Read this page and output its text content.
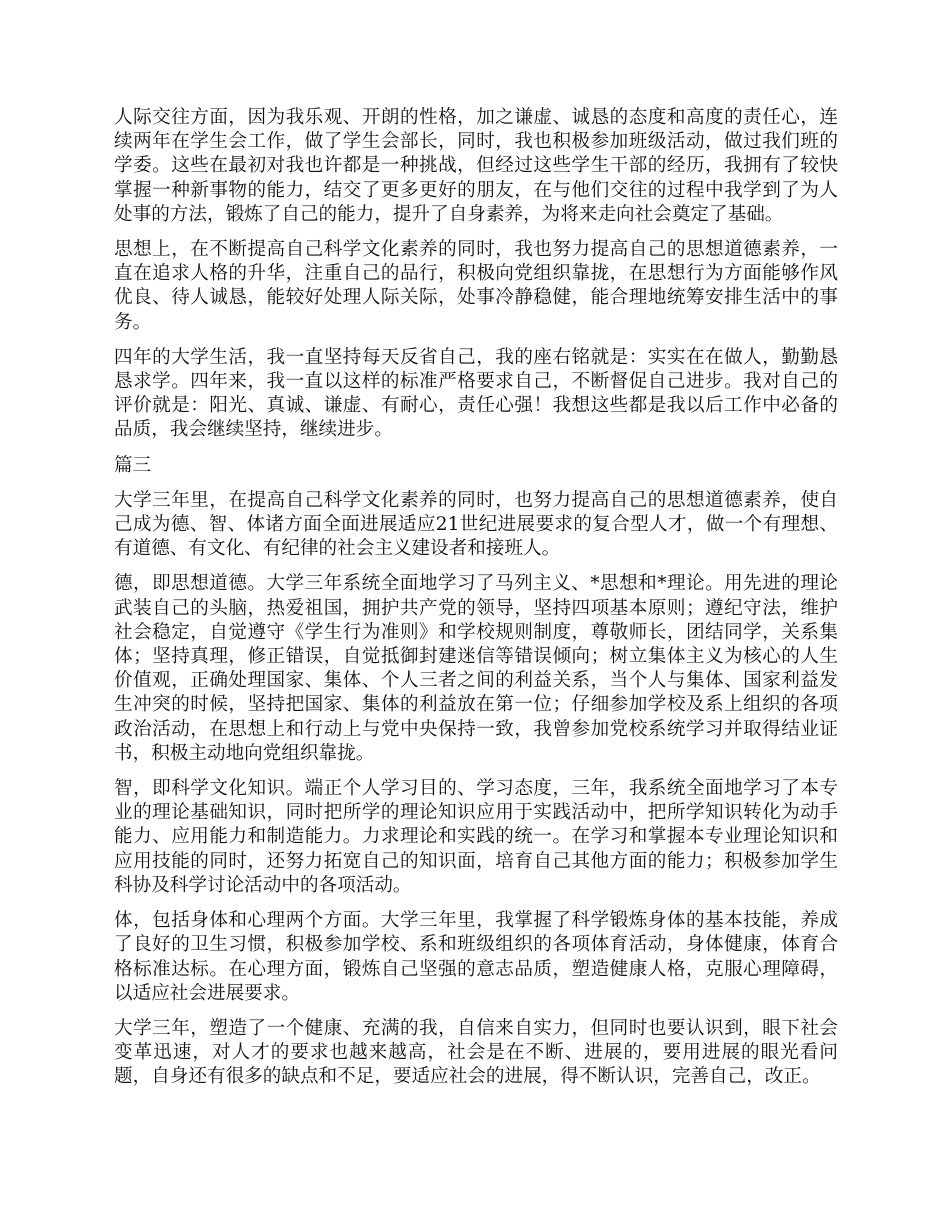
人际交往方面，因为我乐观、开朗的性格，加之谦虚、诚恳的态度和高度的责任心，连续两年在学生会工作，做了学生会部长，同时，我也积极参加班级活动，做过我们班的学委。这些在最初对我也许都是一种挑战，但经过这些学生干部的经历，我拥有了较快掌握一种新事物的能力，结交了更多更好的朋友，在与他们交往的过程中我学到了为人处事的方法，锻炼了自己的能力，提升了自身素养，为将来走向社会奠定了基础。

思想上，在不断提高自己科学文化素养的同时，我也努力提高自己的思想道德素养，一直在追求人格的升华，注重自己的品行，积极向党组织靠拢，在思想行为方面能够作风优良、待人诚恳，能较好处理人际关际，处事冷静稳健，能合理地统筹安排生活中的事务。

四年的大学生活，我一直坚持每天反省自己，我的座右铭就是：实实在在做人，勤勤恳恳求学。四年来，我一直以这样的标准严格要求自己，不断督促自己进步。我对自己的评价就是：阳光、真诚、谦虚、有耐心，责任心强！我想这些都是我以后工作中必备的品质，我会继续坚持，继续进步。

篇三

大学三年里，在提高自己科学文化素养的同时，也努力提高自己的思想道德素养，使自己成为德、智、体诸方面全面进展适应21世纪进展要求的复合型人才，做一个有理想、有道德、有文化、有纪律的社会主义建设者和接班人。

德，即思想道德。大学三年系统全面地学习了马列主义、*思想和*理论。用先进的理论武装自己的头脑，热爱祖国，拥护共产党的领导，坚持四项基本原则；遵纪守法，维护社会稳定，自觉遵守《学生行为准则》和学校规则制度，尊敬师长，团结同学，关系集体；坚持真理，修正错误，自觉抵御封建迷信等错误倾向；树立集体主义为核心的人生价值观，正确处理国家、集体、个人三者之间的利益关系，当个人与集体、国家利益发生冲突的时候，坚持把国家、集体的利益放在第一位；仔细参加学校及系上组织的各项政治活动，在思想上和行动上与党中央保持一致，我曾参加党校系统学习并取得结业证书，积极主动地向党组织靠拢。

智，即科学文化知识。端正个人学习目的、学习态度，三年，我系统全面地学习了本专业的理论基础知识，同时把所学的理论知识应用于实践活动中，把所学知识转化为动手能力、应用能力和制造能力。力求理论和实践的统一。在学习和掌握本专业理论知识和应用技能的同时，还努力拓宽自己的知识面，培育自己其他方面的能力；积极参加学生科协及科学讨论活动中的各项活动。

体，包括身体和心理两个方面。大学三年里，我掌握了科学锻炼身体的基本技能，养成了良好的卫生习惯，积极参加学校、系和班级组织的各项体育活动，身体健康，体育合格标准达标。在心理方面，锻炼自己坚强的意志品质，塑造健康人格，克服心理障碍，以适应社会进展要求。

大学三年，塑造了一个健康、充满的我，自信来自实力，但同时也要认识到，眼下社会变革迅速，对人才的要求也越来越高，社会是在不断、进展的，要用进展的眼光看问题，自身还有很多的缺点和不足，要适应社会的进展，得不断认识，完善自己，改正。
